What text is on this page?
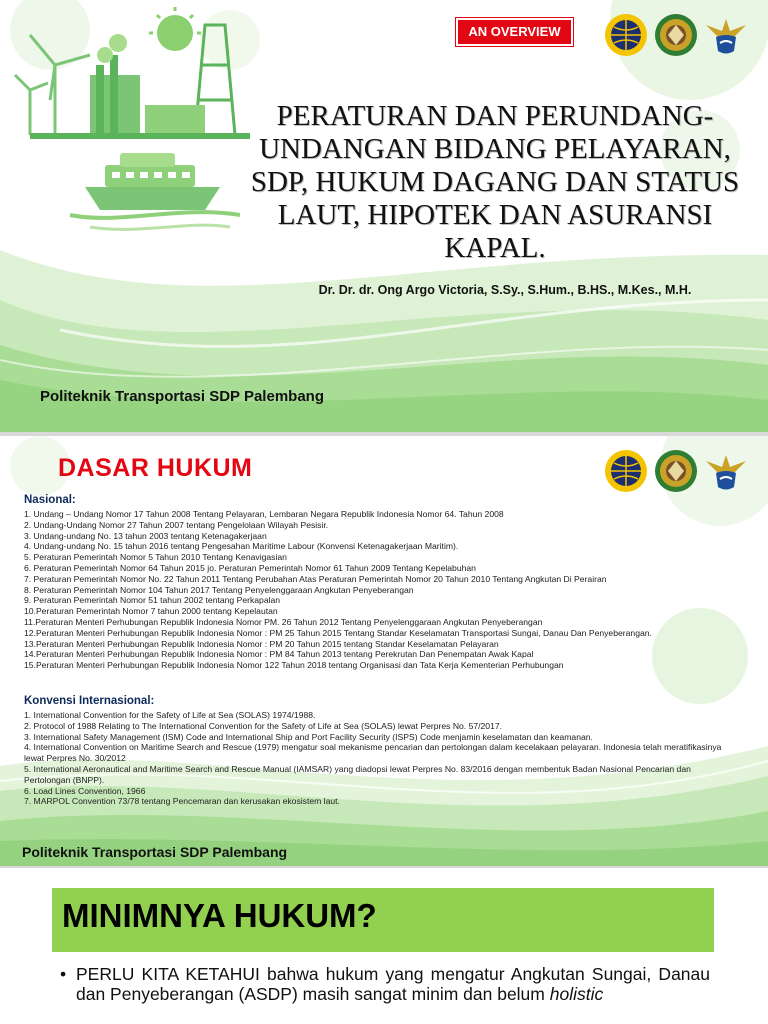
AN OVERVIEW
PERATURAN DAN PERUNDANG-
UNDANGAN BIDANG PELAYARAN,
SDP, HUKUM DAGANG DAN STATUS
LAUT, HIPOTEK DAN ASURANSI
KAPAL.
Dr. Dr. dr. Ong Argo Victoria, S.Sy., S.Hum., B.HS., M.Kes., M.H.
Politeknik Transportasi SDP Palembang
DASAR HUKUM
Nasional:
1. Undang – Undang Nomor 17 Tahun 2008 Tentang Pelayaran, Lembaran Negara Republik Indonesia Nomor 64. Tahun 2008
2. Undang-Undang Nomor 27 Tahun 2007 tentang Pengelolaan Wilayah Pesisir.
3. Undang-undang No. 13 tahun 2003 tentang Ketenagakerjaan
4. Undang-undang No. 15 tahun 2016 tentang Pengesahan Maritime Labour (Konvensi Ketenagakerjaan Maritim).
5. Peraturan Pemerintah Nomor 5 Tahun 2010 Tentang Kenavigasian
6. Peraturan Pemerintah Nomor 64 Tahun 2015 jo. Peraturan Pemerintah Nomor 61 Tahun 2009 Tentang Kepelabuhan
7. Peraturan Pemerintah Nomor No. 22 Tahun 2011 Tentang Perubahan Atas Peraturan Pemerintah Nomor 20 Tahun 2010 Tentang Angkutan Di Perairan
8. Peraturan Pemerintah Nomor 104 Tahun 2017 Tentang Penyelenggaraan Angkutan Penyeberangan
9. Peraturan Pemerintah Nomor 51 tahun 2002 tentang Perkapalan
10.Peraturan Pemerintah Nomor 7 tahun 2000 tentang Kepelautan
11.Peraturan Menteri Perhubungan Republik Indonesia Nomor PM. 26 Tahun 2012 Tentang Penyelenggaraan Angkutan Penyeberangan
12.Peraturan Menteri Perhubungan Republik Indonesia Nomor : PM 25 Tahun 2015 Tentang Standar Keselamatan Transportasi Sungai, Danau Dan Penyeberangan.
13.Peraturan Menteri Perhubungan Republik Indonesia Nomor : PM 20 Tahun 2015 tentang Standar Keselamatan Pelayaran
14.Peraturan Menteri Perhubungan Republik Indonesia Nomor : PM 84 Tahun 2013 tentang Perekrutan Dan Penempatan Awak Kapal
15.Peraturan Menteri Perhubungan Republik Indonesia Nomor 122 Tahun 2018 tentang Organisasi dan Tata Kerja Kementerian Perhubungan
Konvensi Internasional:
1. International Convention for the Safety of Life at Sea (SOLAS) 1974/1988.
2. Protocol of 1988 Relating to The International Convention for the Safety of Life at Sea (SOLAS) lewat Perpres No. 57/2017.
3. International Safety Management (ISM) Code and International Ship and Port Facility Security (ISPS) Code menjamin keselamatan dan keamanan.
4. International Convention on Maritime Search and Rescue (1979) mengatur soal mekanisme pencarian dan pertolongan dalam kecelakaan pelayaran. Indonesia telah meratifikasinya lewat Perpres No. 30/2012
5. International Aeronautical and Maritime Search and Rescue Manual (IAMSAR) yang diadopsi lewat Perpres No. 83/2016 dengan membentuk Badan Nasional Pencarian dan Pertolongan (BNPP).
6. Load Lines Convention, 1966
7. MARPOL Convention 73/78 tentang Pencemaran dan kerusakan ekosistem laut.
Politeknik Transportasi SDP Palembang
MINIMNYA HUKUM?
• PERLU KITA KETAHUI bahwa hukum yang mengatur Angkutan Sungai, Danau dan Penyeberangan (ASDP) masih sangat minim dan belum holistic
